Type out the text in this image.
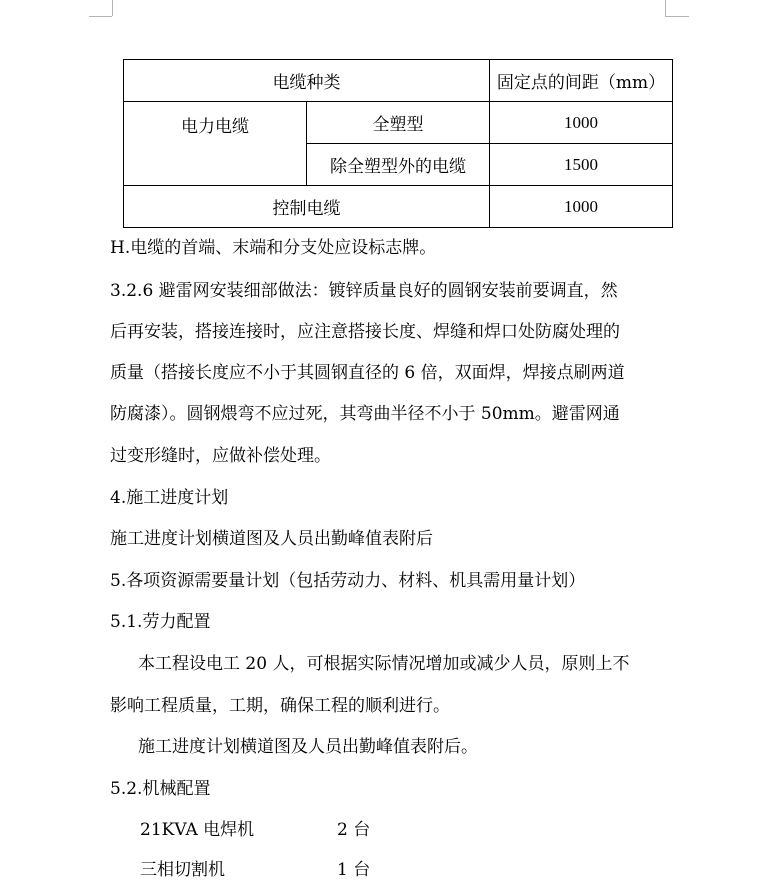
电缆种类		固定点的间距（mm）
电力电缆	全塑型	1000
	除全塑型外的电缆	1500
控制电缆		1000
H.电缆的首端、末端和分支处应设标志牌。
3.2.6 避雷网安装细部做法：镀锌质量良好的圆钢安装前要调直，然
后再安装，搭接连接时，应注意搭接长度、焊缝和焊口处防腐处理的
质量（搭接长度应不小于其圆钢直径的 6 倍，双面焊，焊接点刷两道
防腐漆）。圆钢煨弯不应过死，其弯曲半径不小于 50mm。避雷网通
过变形缝时，应做补偿处理。
4.施工进度计划
施工进度计划横道图及人员出勤峰值表附后
5.各项资源需要量计划（包括劳动力、材料、机具需用量计划）
5.1.劳力配置
本工程设电工 20 人，可根据实际情况增加或减少人员，原则上不
影响工程质量，工期，确保工程的顺利进行。
施工进度计划横道图及人员出勤峰值表附后。
5.2.机械配置
21KVA 电焊机	2 台
三相切割机	1 台
